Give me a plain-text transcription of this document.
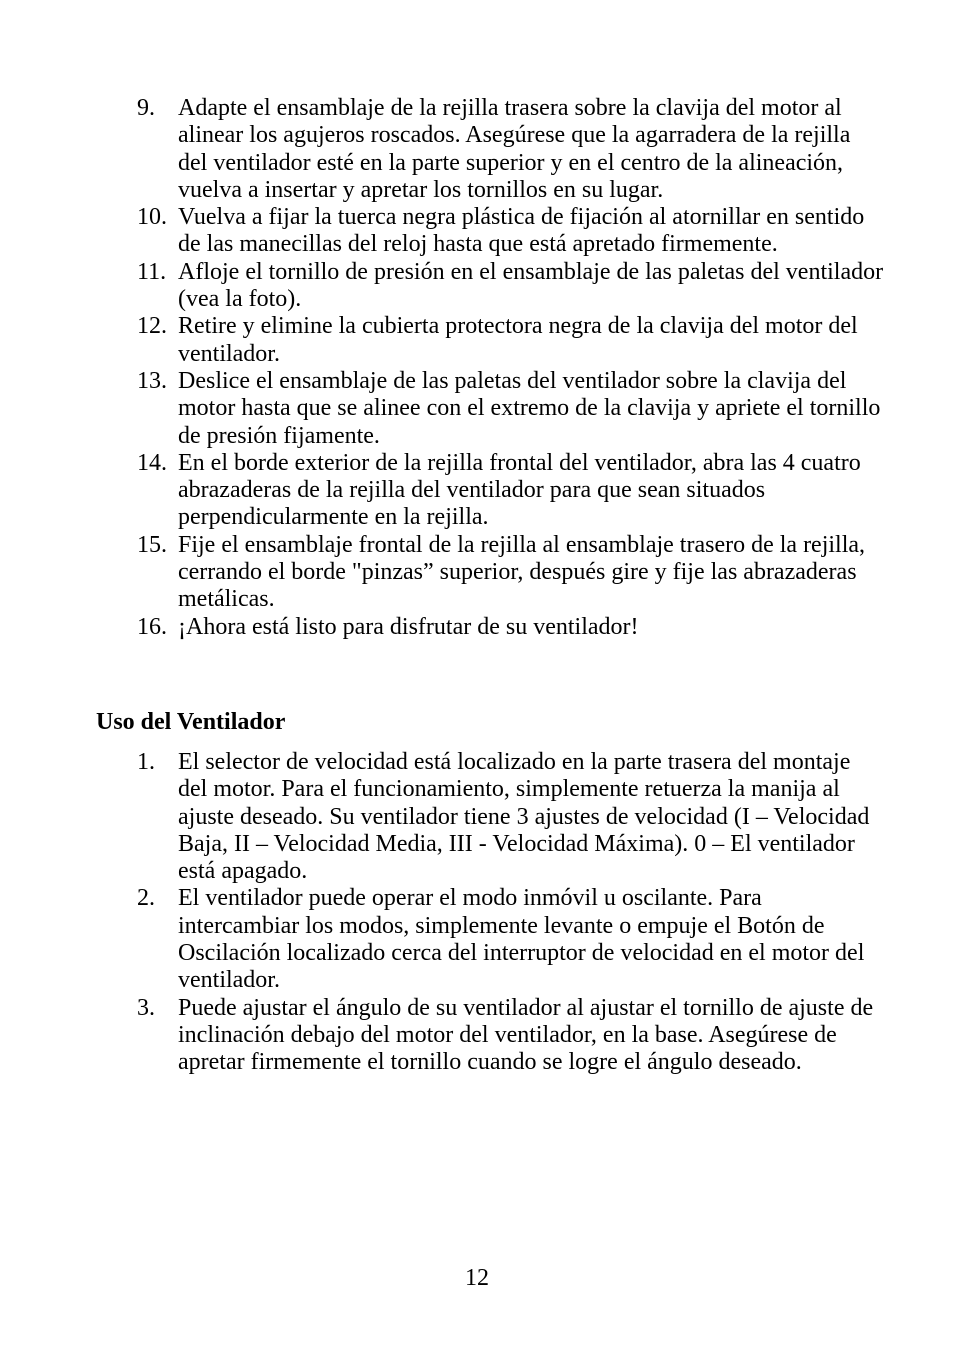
9. Adapte el ensamblaje de la rejilla trasera sobre la clavija del motor al alinear los agujeros roscados. Asegúrese que la agarradera de la rejilla del ventilador esté en la parte superior y en el centro de la alineación, vuelva a insertar y apretar los tornillos en su lugar.
10. Vuelva a fijar la tuerca negra plástica de fijación al atornillar en sentido de las manecillas del reloj hasta que está apretado firmemente.
11. Afloje el tornillo de presión en el ensamblaje de las paletas del ventilador (vea la foto).
12. Retire y elimine la cubierta protectora negra de la clavija del motor del ventilador.
13. Deslice el ensamblaje de las paletas del ventilador sobre la clavija del motor hasta que se alinee con el extremo de la clavija y apriete el tornillo de presión fijamente.
14. En el borde exterior de la rejilla frontal del ventilador, abra las 4 cuatro abrazaderas de la rejilla del ventilador para que sean situados perpendicularmente en la rejilla.
15. Fije el ensamblaje frontal de la rejilla al ensamblaje trasero de la rejilla, cerrando el borde "pinzas” superior, después gire y fije las abrazaderas metálicas.
16. ¡Ahora está listo para disfrutar de su ventilador!
Uso del Ventilador
1. El selector de velocidad está localizado en la parte trasera del montaje del motor. Para el funcionamiento, simplemente retuerza la manija al ajuste deseado. Su ventilador tiene 3 ajustes de velocidad (I – Velocidad Baja, II – Velocidad Media, III - Velocidad Máxima). 0 – El ventilador está apagado.
2. El ventilador puede operar el modo inmóvil u oscilante. Para intercambiar los modos, simplemente levante o empuje el Botón de Oscilación localizado cerca del interruptor de velocidad en el motor del ventilador.
3. Puede ajustar el ángulo de su ventilador al ajustar el tornillo de ajuste de inclinación debajo del motor del ventilador, en la base. Asegúrese de apretar firmemente el tornillo cuando se logre el ángulo deseado.
12
